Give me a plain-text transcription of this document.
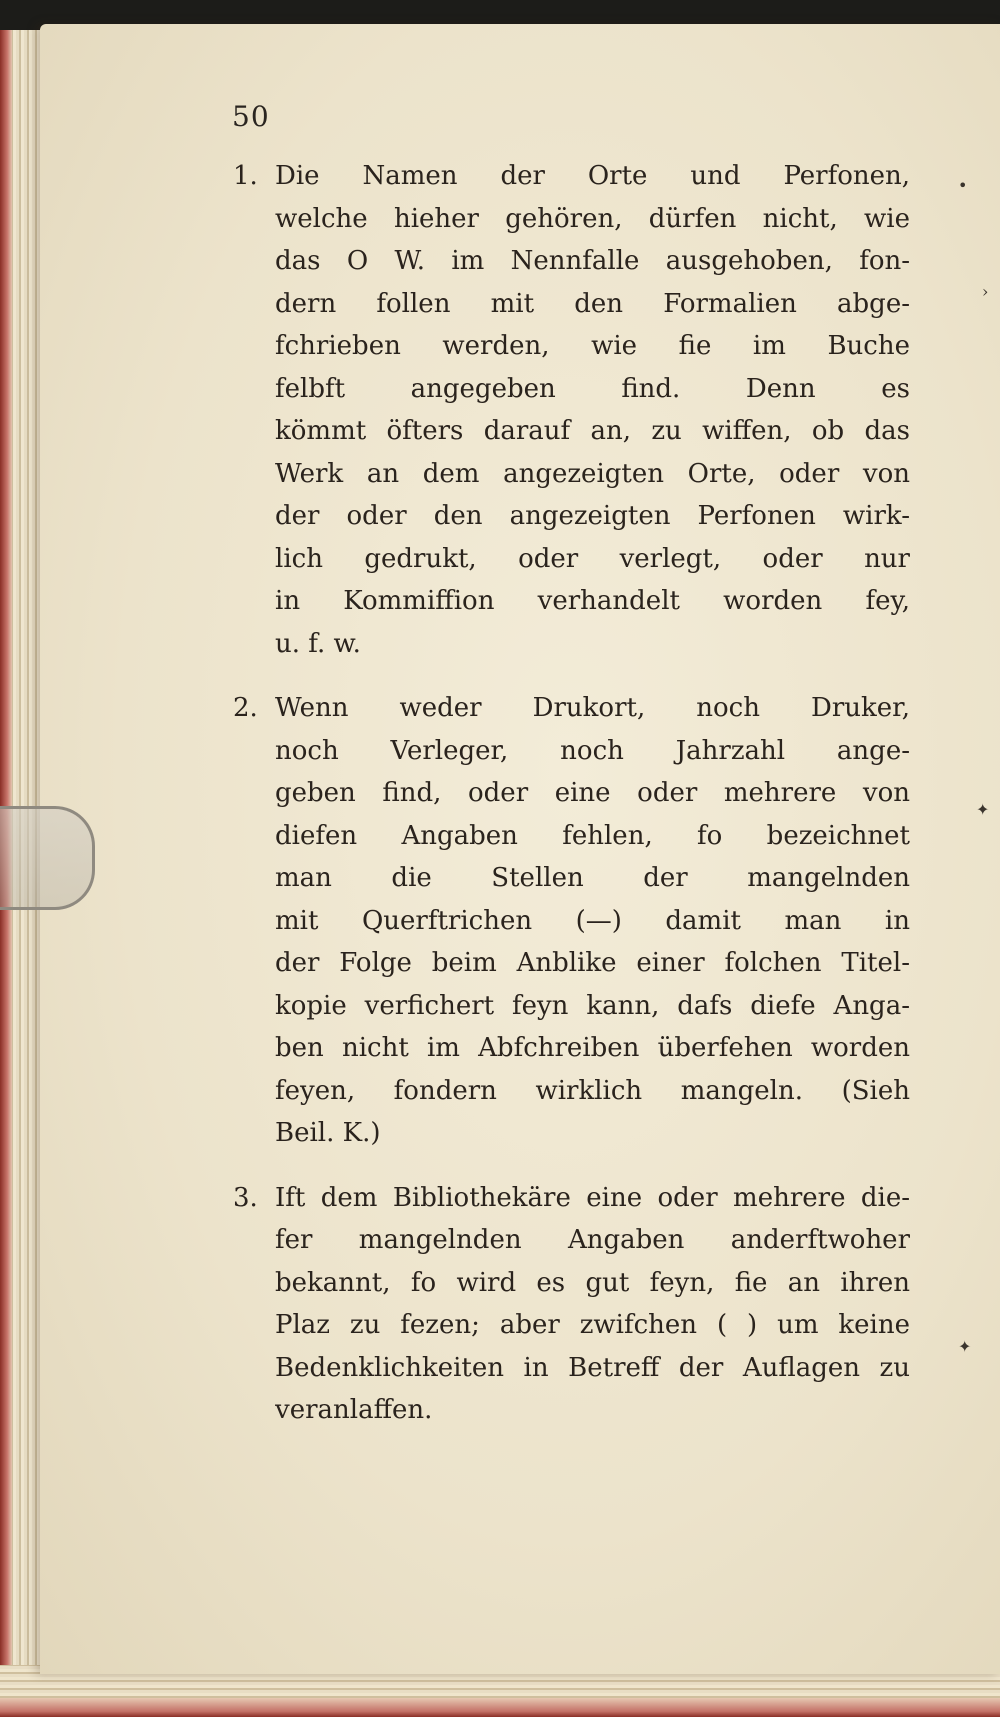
50
•
›
✦
✦
1. Die Namen der Orte und Perfonen,
welche hieher gehören, dürfen nicht, wie
das O W. im Nennfalle ausgehoben, fon-
dern follen mit den Formalien abge-
fchrieben werden, wie fie im Buche
felbft angegeben find. Denn es
kömmt öfters darauf an, zu wiffen, ob das
Werk an dem angezeigten Orte, oder von
der oder den angezeigten Perfonen wirk-
lich gedrukt, oder verlegt, oder nur
in Kommiffion verhandelt worden fey,
u. f. w.
2. Wenn weder Drukort, noch Druker,
noch Verleger, noch Jahrzahl ange-
geben find, oder eine oder mehrere von
diefen Angaben fehlen, fo bezeichnet
man die Stellen der mangelnden
mit Querftrichen (—) damit man in
der Folge beim Anblike einer folchen Titel-
kopie verfichert feyn kann, dafs diefe Anga-
ben nicht im Abfchreiben überfehen worden
feyen, fondern wirklich mangeln. (Sieh
Beil. K.)
3. Ift dem Bibliothekäre eine oder mehrere die-
fer mangelnden Angaben anderftwoher
bekannt, fo wird es gut feyn, fie an ihren
Plaz zu fezen; aber zwifchen ( ) um keine
Bedenklichkeiten in Betreff der Auflagen zu
veranlaffen.
